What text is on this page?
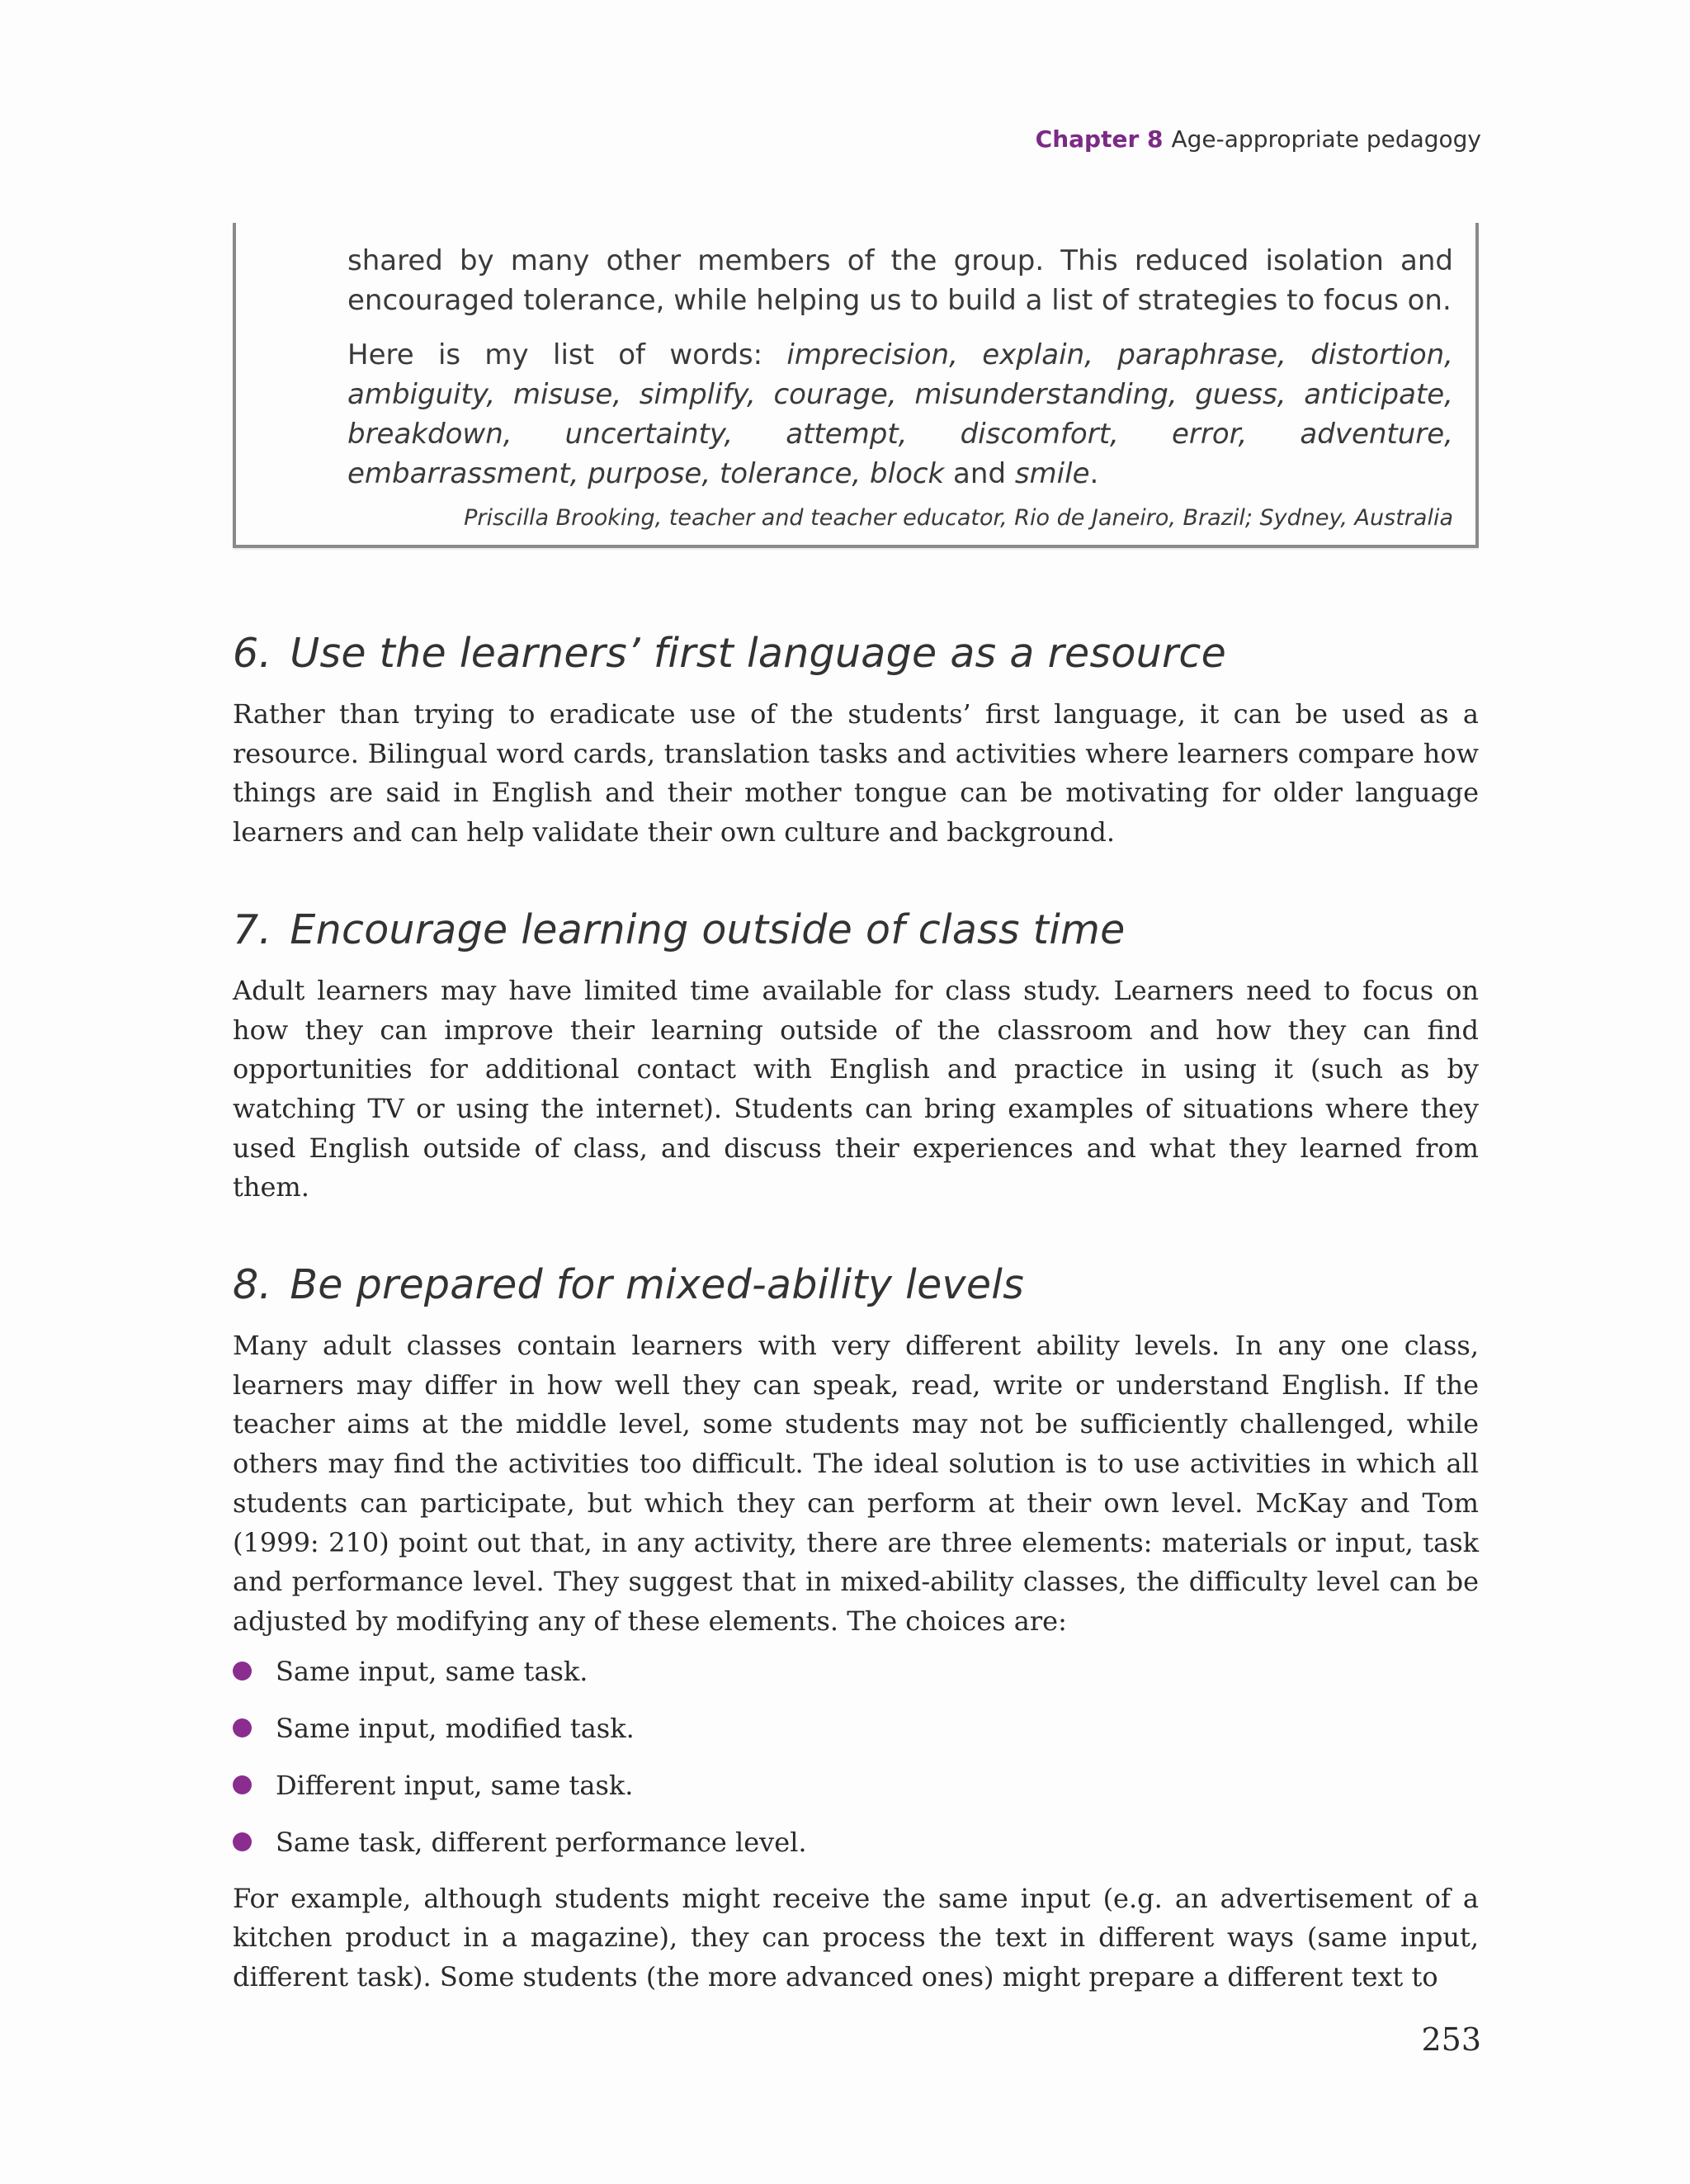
Chapter 8 Age-appropriate pedagogy

shared by many other members of the group. This reduced isolation and encouraged tolerance, while helping us to build a list of strategies to focus on.

Here is my list of words: imprecision, explain, paraphrase, distortion, ambiguity, misuse, simplify, courage, misunderstanding, guess, anticipate, breakdown, uncertainty, attempt, discomfort, error, adventure, embarrassment, purpose, tolerance, block and smile.

Priscilla Brooking, teacher and teacher educator, Rio de Janeiro, Brazil; Sydney, Australia
6. Use the learners’ first language as a resource

Rather than trying to eradicate use of the students’ first language, it can be used as a resource. Bilingual word cards, translation tasks and activities where learners compare how things are said in English and their mother tongue can be motivating for older language learners and can help validate their own culture and background.

7. Encourage learning outside of class time

Adult learners may have limited time available for class study. Learners need to focus on how they can improve their learning outside of the classroom and how they can find opportunities for additional contact with English and practice in using it (such as by watching TV or using the internet). Students can bring examples of situations where they used English outside of class, and discuss their experiences and what they learned from them.

8. Be prepared for mixed-ability levels

Many adult classes contain learners with very different ability levels. In any one class, learners may differ in how well they can speak, read, write or understand English. If the teacher aims at the middle level, some students may not be sufficiently challenged, while others may find the activities too difficult. The ideal solution is to use activities in which all students can participate, but which they can perform at their own level. McKay and Tom (1999: 210) point out that, in any activity, there are three elements: materials or input, task and performance level. They suggest that in mixed-ability classes, the difficulty level can be adjusted by modifying any of these elements. The choices are:

Same input, same task.
Same input, modified task.
Different input, same task.
Same task, different performance level.

For example, although students might receive the same input (e.g. an advertisement of a kitchen product in a magazine), they can process the text in different ways (same input, different task). Some students (the more advanced ones) might prepare a different text to

253
